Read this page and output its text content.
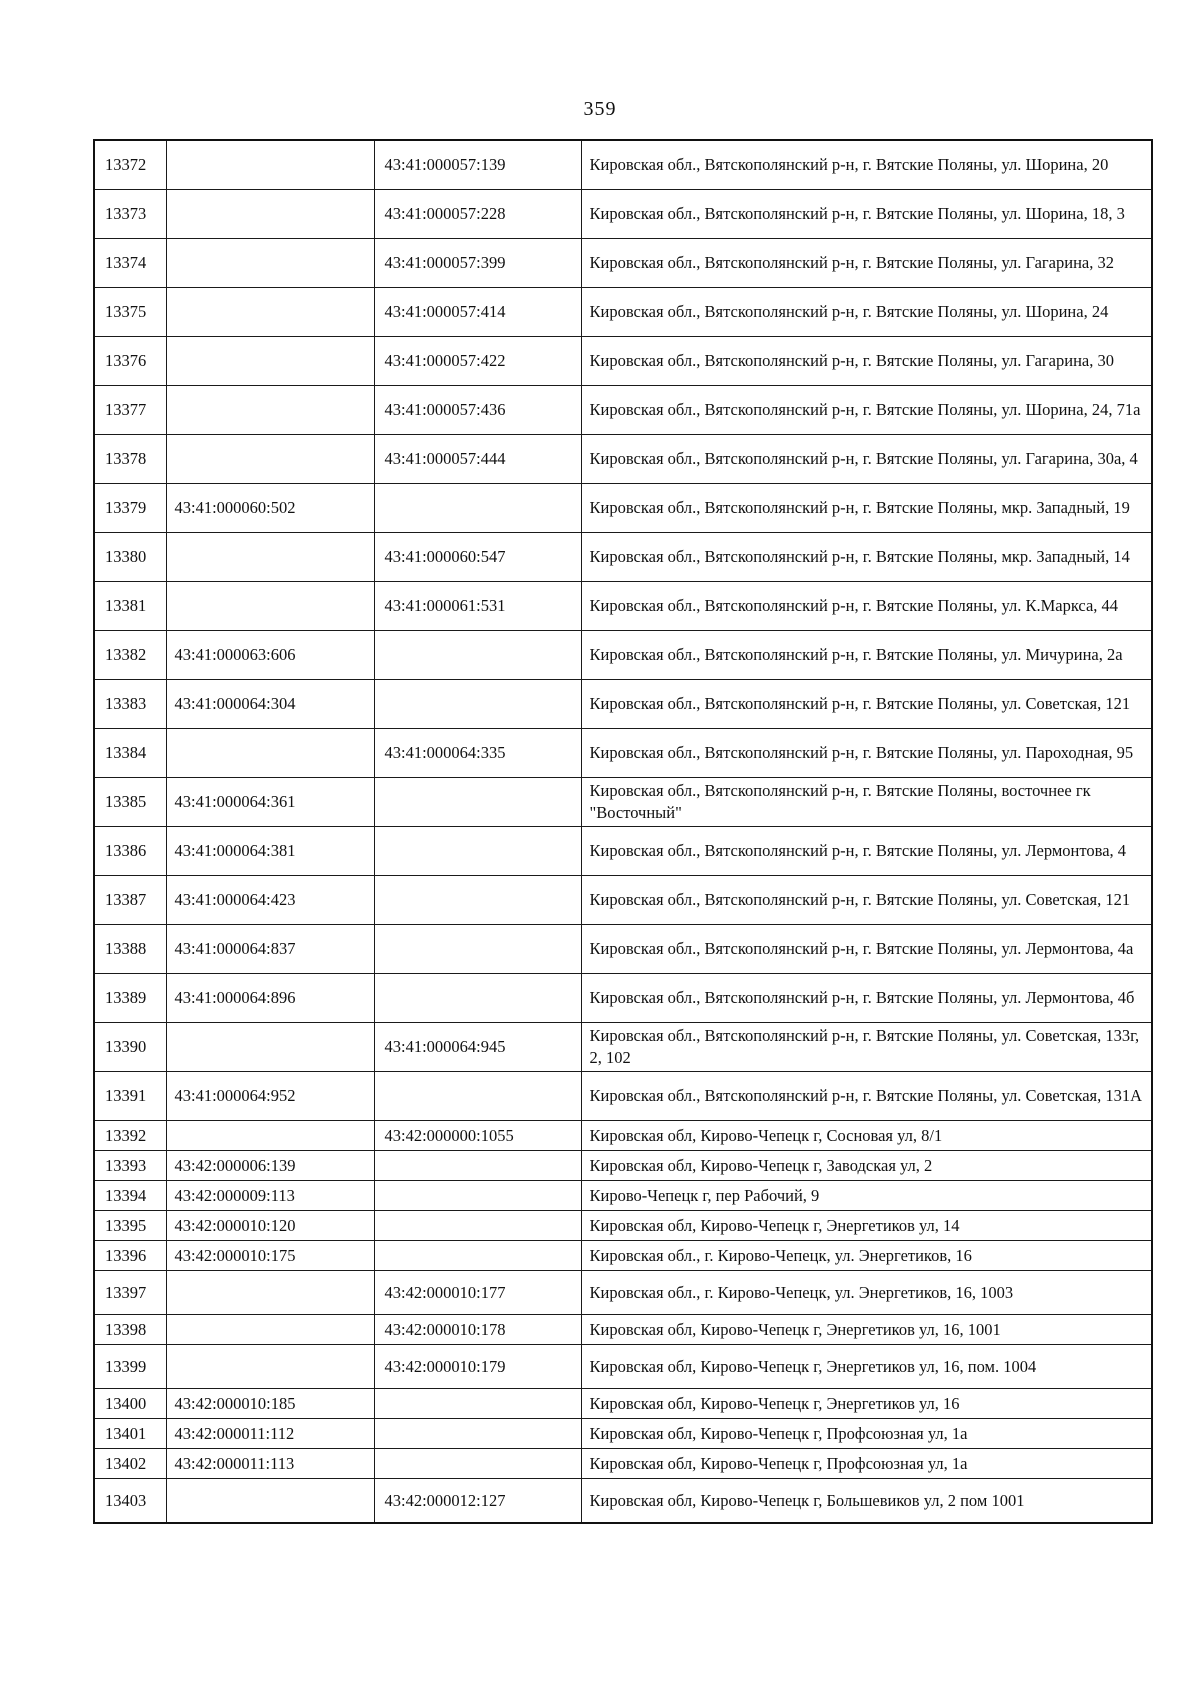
359
13372		43:41:000057:139	Кировская обл., Вятскополянский р-н, г. Вятские Поляны, ул. Шорина, 20
13373		43:41:000057:228	Кировская обл., Вятскополянский р-н, г. Вятские Поляны, ул. Шорина, 18, 3
13374		43:41:000057:399	Кировская обл., Вятскополянский р-н, г. Вятские Поляны, ул. Гагарина, 32
13375		43:41:000057:414	Кировская обл., Вятскополянский р-н, г. Вятские Поляны, ул. Шорина, 24
13376		43:41:000057:422	Кировская обл., Вятскополянский р-н, г. Вятские Поляны, ул. Гагарина, 30
13377		43:41:000057:436	Кировская обл., Вятскополянский р-н, г. Вятские Поляны, ул. Шорина, 24, 71а
13378		43:41:000057:444	Кировская обл., Вятскополянский р-н, г. Вятские Поляны, ул. Гагарина, 30а, 4
13379	43:41:000060:502		Кировская обл., Вятскополянский р-н, г. Вятские Поляны, мкр. Западный, 19
13380		43:41:000060:547	Кировская обл., Вятскополянский р-н, г. Вятские Поляны, мкр. Западный, 14
13381		43:41:000061:531	Кировская обл., Вятскополянский р-н, г. Вятские Поляны, ул. К.Маркса, 44
13382	43:41:000063:606		Кировская обл., Вятскополянский р-н, г. Вятские Поляны, ул. Мичурина, 2а
13383	43:41:000064:304		Кировская обл., Вятскополянский р-н, г. Вятские Поляны, ул. Советская, 121
13384		43:41:000064:335	Кировская обл., Вятскополянский р-н, г. Вятские Поляны, ул. Пароходная, 95
13385	43:41:000064:361		Кировская обл., Вятскополянский р-н, г. Вятские Поляны, восточнее гк "Восточный"
13386	43:41:000064:381		Кировская обл., Вятскополянский р-н, г. Вятские Поляны, ул. Лермонтова, 4
13387	43:41:000064:423		Кировская обл., Вятскополянский р-н, г. Вятские Поляны, ул. Советская, 121
13388	43:41:000064:837		Кировская обл., Вятскополянский р-н, г. Вятские Поляны, ул. Лермонтова, 4а
13389	43:41:000064:896		Кировская обл., Вятскополянский р-н, г. Вятские Поляны, ул. Лермонтова, 4б
13390		43:41:000064:945	Кировская обл., Вятскополянский р-н, г. Вятские Поляны, ул. Советская, 133г, 2, 102
13391	43:41:000064:952		Кировская обл., Вятскополянский р-н, г. Вятские Поляны, ул. Советская, 131А
13392		43:42:000000:1055	Кировская обл, Кирово-Чепецк г, Сосновая ул, 8/1
13393	43:42:000006:139		Кировская обл, Кирово-Чепецк г, Заводская ул, 2
13394	43:42:000009:113		Кирово-Чепецк г, пер Рабочий, 9
13395	43:42:000010:120		Кировская обл, Кирово-Чепецк г, Энергетиков ул, 14
13396	43:42:000010:175		Кировская обл., г. Кирово-Чепецк, ул. Энергетиков, 16
13397		43:42:000010:177	Кировская обл., г. Кирово-Чепецк, ул. Энергетиков, 16, 1003
13398		43:42:000010:178	Кировская обл, Кирово-Чепецк г, Энергетиков ул, 16, 1001
13399		43:42:000010:179	Кировская обл, Кирово-Чепецк г, Энергетиков ул, 16, пом. 1004
13400	43:42:000010:185		Кировская обл, Кирово-Чепецк г, Энергетиков ул, 16
13401	43:42:000011:112		Кировская обл, Кирово-Чепецк г, Профсоюзная ул, 1а
13402	43:42:000011:113		Кировская обл, Кирово-Чепецк г, Профсоюзная ул, 1а
13403		43:42:000012:127	Кировская обл, Кирово-Чепецк г, Большевиков ул, 2 пом 1001
